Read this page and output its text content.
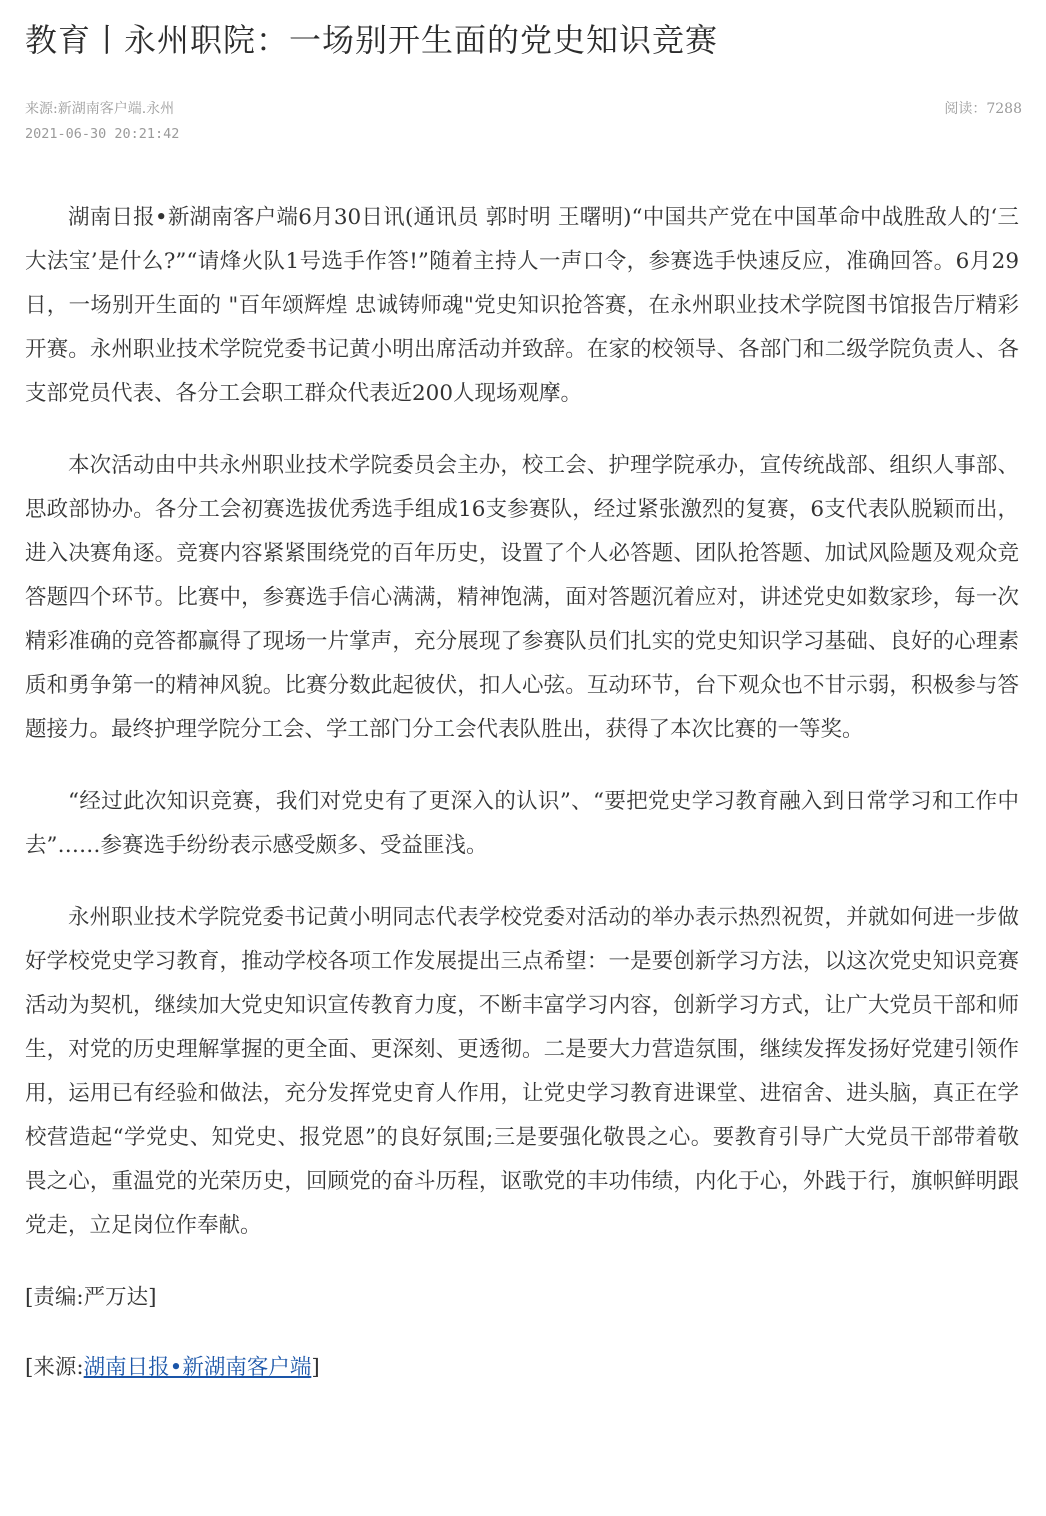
教育丨永州职院：一场别开生面的党史知识竞赛
来源:新湖南客户端.永州
2021-06-30 20:21:42
阅读：7288

湖南日报•新湖南客户端6月30日讯(通讯员 郭时明 王曙明)“中国共产党在中国革命中战胜敌人的‘三大法宝’是什么?”“请烽火队1号选手作答!”随着主持人一声口令，参赛选手快速反应，准确回答。6月29日，一场别开生面的 "百年颂辉煌 忠诚铸师魂"党史知识抢答赛，在永州职业技术学院图书馆报告厅精彩开赛。永州职业技术学院党委书记黄小明出席活动并致辞。在家的校领导、各部门和二级学院负责人、各支部党员代表、各分工会职工群众代表近200人现场观摩。

本次活动由中共永州职业技术学院委员会主办，校工会、护理学院承办，宣传统战部、组织人事部、思政部协办。各分工会初赛选拔优秀选手组成16支参赛队，经过紧张激烈的复赛，6支代表队脱颖而出，进入决赛角逐。竞赛内容紧紧围绕党的百年历史，设置了个人必答题、团队抢答题、加试风险题及观众竞答题四个环节。比赛中，参赛选手信心满满，精神饱满，面对答题沉着应对，讲述党史如数家珍，每一次精彩准确的竞答都赢得了现场一片掌声，充分展现了参赛队员们扎实的党史知识学习基础、良好的心理素质和勇争第一的精神风貌。比赛分数此起彼伏，扣人心弦。互动环节，台下观众也不甘示弱，积极参与答题接力。最终护理学院分工会、学工部门分工会代表队胜出，获得了本次比赛的一等奖。

“经过此次知识竞赛，我们对党史有了更深入的认识”、“要把党史学习教育融入到日常学习和工作中去”……参赛选手纷纷表示感受颇多、受益匪浅。

永州职业技术学院党委书记黄小明同志代表学校党委对活动的举办表示热烈祝贺，并就如何进一步做好学校党史学习教育，推动学校各项工作发展提出三点希望：一是要创新学习方法，以这次党史知识竞赛活动为契机，继续加大党史知识宣传教育力度，不断丰富学习内容，创新学习方式，让广大党员干部和师生，对党的历史理解掌握的更全面、更深刻、更透彻。二是要大力营造氛围，继续发挥发扬好党建引领作用，运用已有经验和做法，充分发挥党史育人作用，让党史学习教育进课堂、进宿舍、进头脑，真正在学校营造起“学党史、知党史、报党恩”的良好氛围;三是要强化敬畏之心。要教育引导广大党员干部带着敬畏之心，重温党的光荣历史，回顾党的奋斗历程，讴歌党的丰功伟绩，内化于心，外践于行，旗帜鲜明跟党走，立足岗位作奉献。

[责编:严万达]

[来源:湖南日报•新湖南客户端]
